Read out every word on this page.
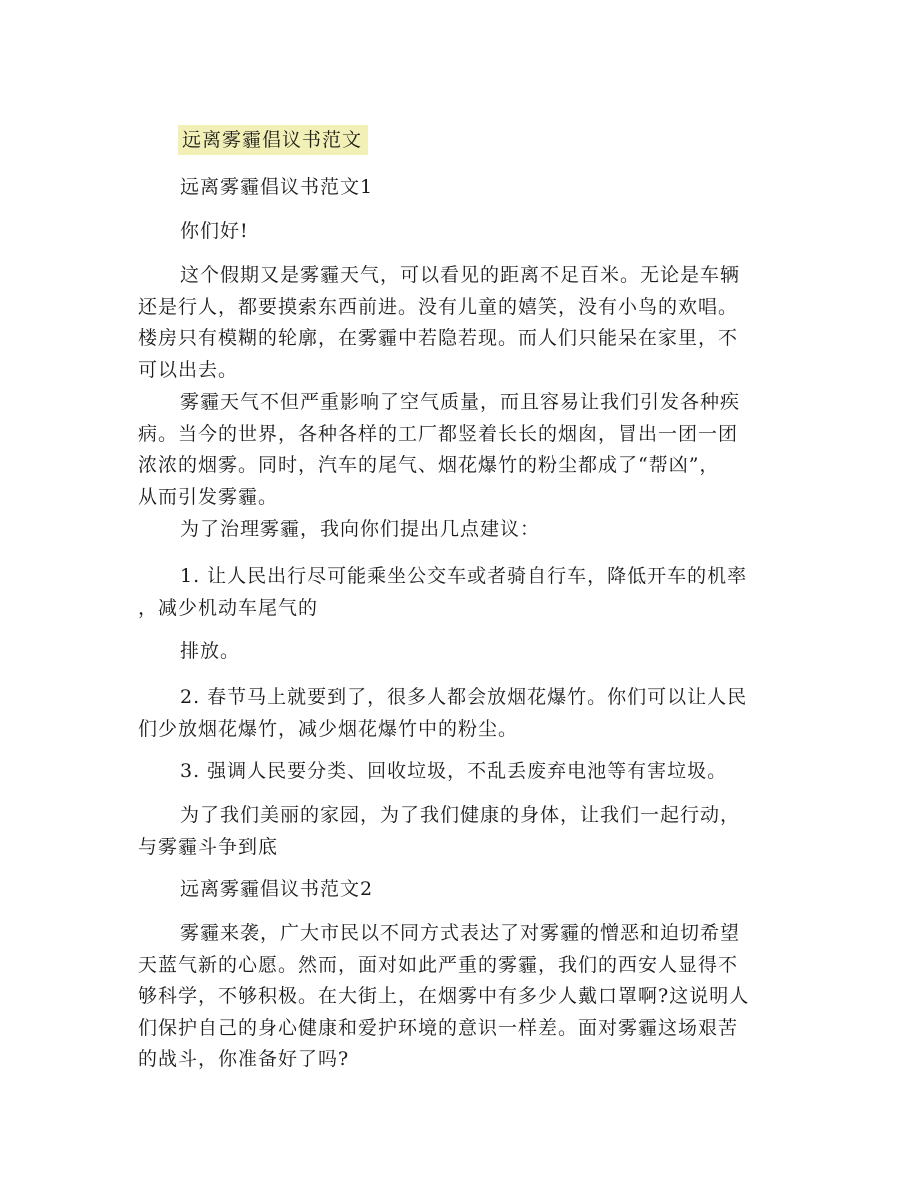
远离雾霾倡议书范文

远离雾霾倡议书范文1

你们好!

这个假期又是雾霾天气，可以看见的距离不足百米。无论是车辆
还是行人，都要摸索东西前进。没有儿童的嬉笑，没有小鸟的欢唱。
楼房只有模糊的轮廓，在雾霾中若隐若现。而人们只能呆在家里，不
可以出去。

雾霾天气不但严重影响了空气质量，而且容易让我们引发各种疾
病。当今的世界，各种各样的工厂都竖着长长的烟囱，冒出一团一团
浓浓的烟雾。同时，汽车的尾气、烟花爆竹的粉尘都成了“帮凶”，
从而引发雾霾。

为了治理雾霾，我向你们提出几点建议：

1. 让人民出行尽可能乘坐公交车或者骑自行车，降低开车的机率
，减少机动车尾气的

排放。

2. 春节马上就要到了，很多人都会放烟花爆竹。你们可以让人民
们少放烟花爆竹，减少烟花爆竹中的粉尘。

3. 强调人民要分类、回收垃圾，不乱丢废弃电池等有害垃圾。

为了我们美丽的家园，为了我们健康的身体，让我们一起行动，
与雾霾斗争到底

远离雾霾倡议书范文2

雾霾来袭，广大市民以不同方式表达了对雾霾的憎恶和迫切希望
天蓝气新的心愿。然而，面对如此严重的雾霾，我们的西安人显得不
够科学，不够积极。在大街上，在烟雾中有多少人戴口罩啊?这说明人
们保护自己的身心健康和爱护环境的意识一样差。面对雾霾这场艰苦
的战斗，你准备好了吗?
